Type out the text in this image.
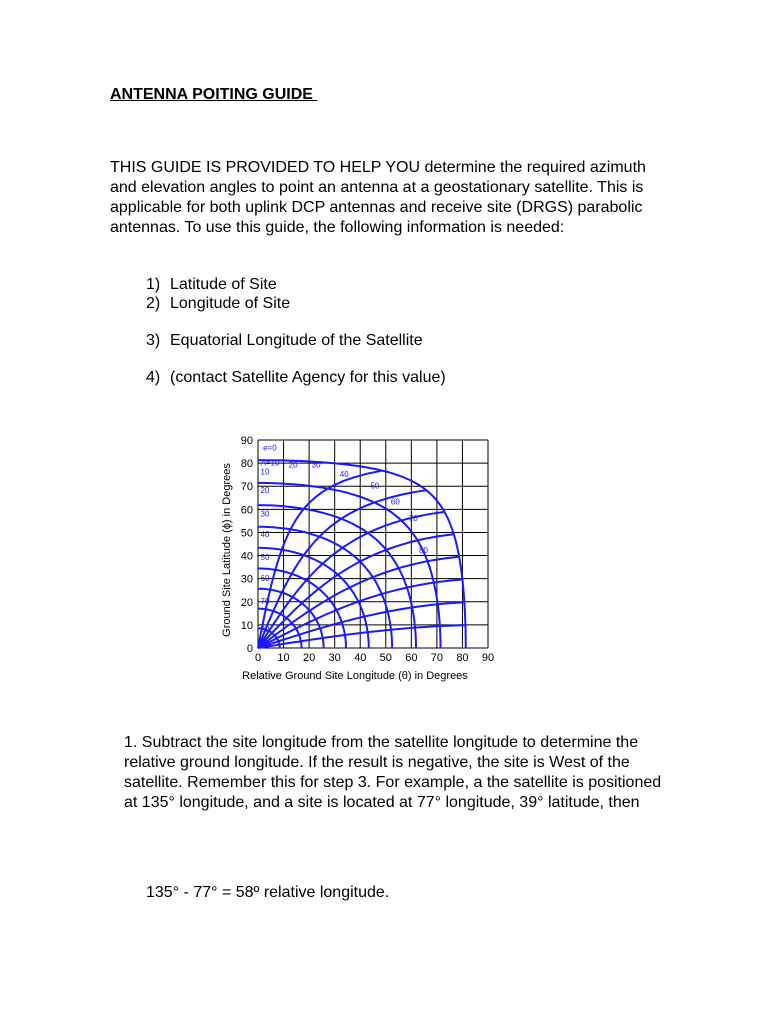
ANTENNA POITING GUIDE
THIS GUIDE IS PROVIDED TO HELP YOU determine the required azimuth and elevation angles to point an antenna at a geostationary satellite. This is applicable for both uplink DCP antennas and receive site (DRGS) parabolic antennas. To use this guide, the following information is needed:
1) Latitude of Site
2) Longitude of Site
3) Equatorial Longitude of the Satellite
4) (contact Satellite Agency for this value)
e=0
A=10 20 30
40
50
60
70
80
10
20
30
40
50
60
70
80
0 10 20 30 40 50 60 70 80 90
0
10
20
30
40
50
60
70
80
90
Relative Ground Site Longitude (θ) in Degrees
Ground Site Latitude (ϕ) in Degrees
1. Subtract the site longitude from the satellite longitude to determine the relative ground longitude. If the result is negative, the site is West of the satellite. Remember this for step 3. For example, a the satellite is positioned at 135° longitude, and a site is located at 77° longitude, 39° latitude, then
135° - 77° = 58º relative longitude.
